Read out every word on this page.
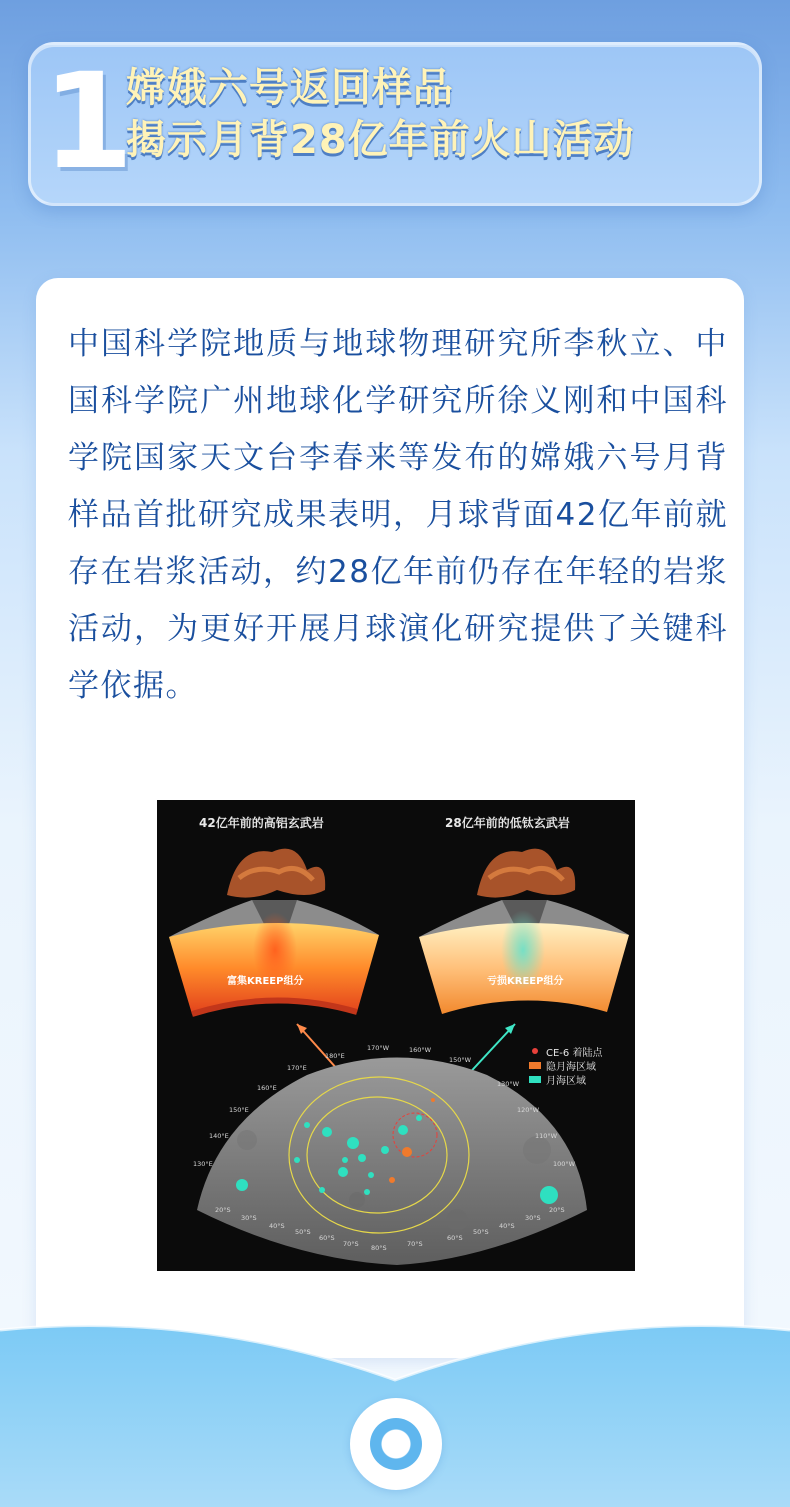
1
嫦娥六号返回样品
揭示月背28亿年前火山活动
中国科学院地质与地球物理研究所李秋立、中国科学院广州地球化学研究所徐义刚和中国科学院国家天文台李春来等发布的嫦娥六号月背样品首批研究成果表明，月球背面42亿年前就存在岩浆活动，约28亿年前仍存在年轻的岩浆活动，为更好开展月球演化研究提供了关键科学依据。
180°E
170°W	160°W
170°E
150°W
160°E	130°W
150°E	120°W
140°E	110°W
130°E	100°W
20°S
30°S
40°S
50°S
60°S
70°S 80°S	70°S
60°S
50°S
40°S
30°S
20°S
42亿年前的高铝玄武岩	28亿年前的低钛玄武岩
富集KREEP组分	亏损KREEP组分
CE-6 着陆点
隐月海区域
月海区域
